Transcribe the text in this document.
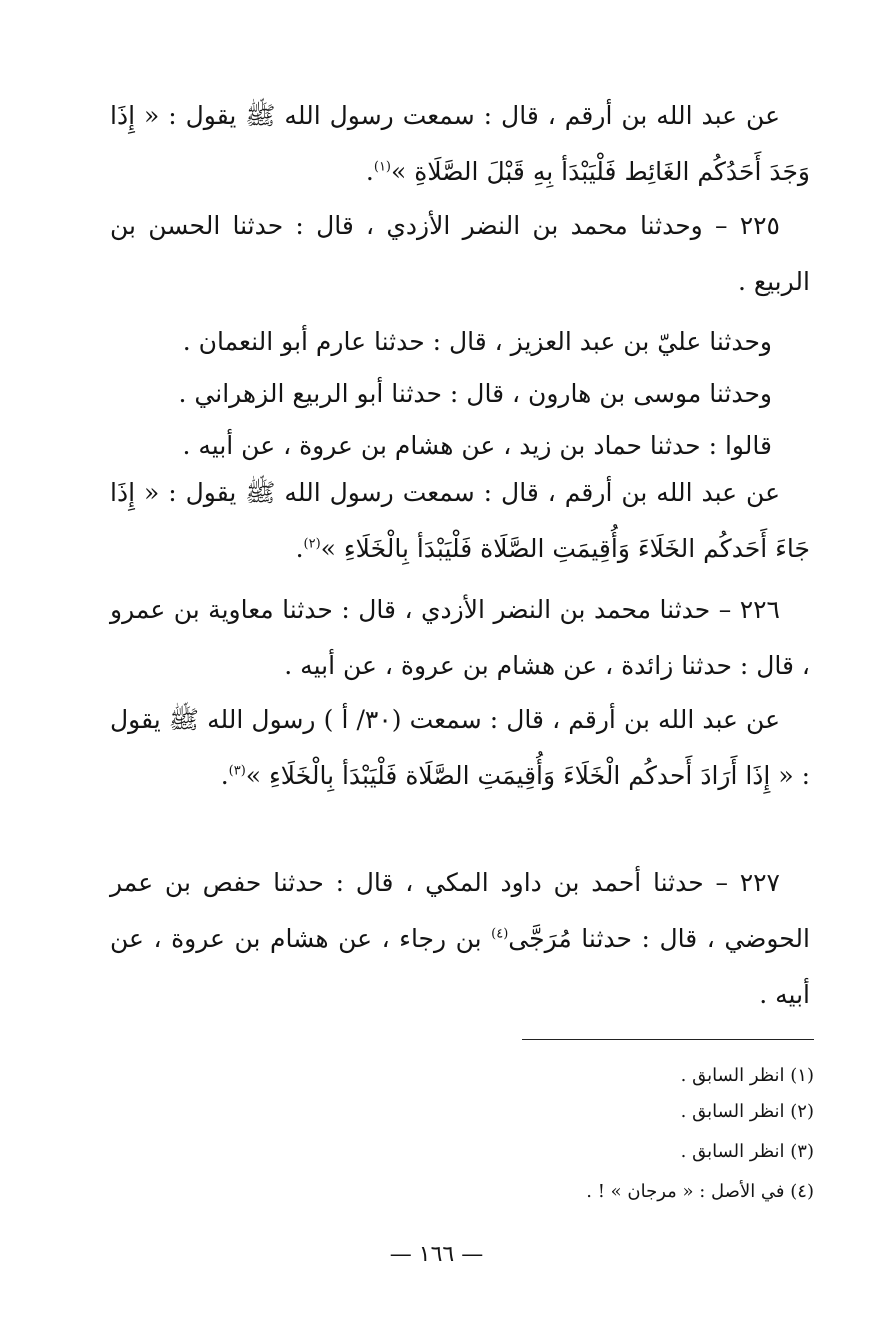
عن عبد الله بن أرقم ، قال : سمعت رسول الله ﷺ يقول : « إِذَا وَجَدَ أَحَدُكُم الغَائِط فَلْيَبْدَأ بِهِ قَبْلَ الصَّلَاةِ »$^{(١)}$.
٢٢٥ – وحدثنا محمد بن النضر الأزدي ، قال : حدثنا الحسن بن الربيع .
وحدثنا عليّ بن عبد العزيز ، قال : حدثنا عارم أبو النعمان .
وحدثنا موسى بن هارون ، قال : حدثنا أبو الربيع الزهراني .
قالوا : حدثنا حماد بن زيد ، عن هشام بن عروة ، عن أبيه .
عن عبد الله بن أرقم ، قال : سمعت رسول الله ﷺ يقول : « إِذَا جَاءَ أَحَدكُم الخَلَاءَ وَأُقِيمَتِ الصَّلَاة فَلْيَبْدَأ بِالْخَلَاءِ »$^{(٢)}$.
٢٢٦ – حدثنا محمد بن النضر الأزدي ، قال : حدثنا معاوية بن عمرو ، قال : حدثنا زائدة ، عن هشام بن عروة ، عن أبيه .
عن عبد الله بن أرقم ، قال : سمعت (٣٠/ أ ) رسول الله ﷺ يقول : « إِذَا أَرَادَ أَحدكُم الْخَلَاءَ وَأُقِيمَتِ الصَّلَاة فَلْيَبْدَأ بِالْخَلَاءِ »$^{(٣)}$.
٢٢٧ – حدثنا أحمد بن داود المكي ، قال : حدثنا حفص بن عمر الحوضي ، قال : حدثنا مُرَجَّى$^{(٤)}$ بن رجاء ، عن هشام بن عروة ، عن أبيه .
(١) انظر السابق .
(٢) انظر السابق .
(٣) انظر السابق .
(٤) في الأصل : « مرجان » ! .
— ١٦٦ —
